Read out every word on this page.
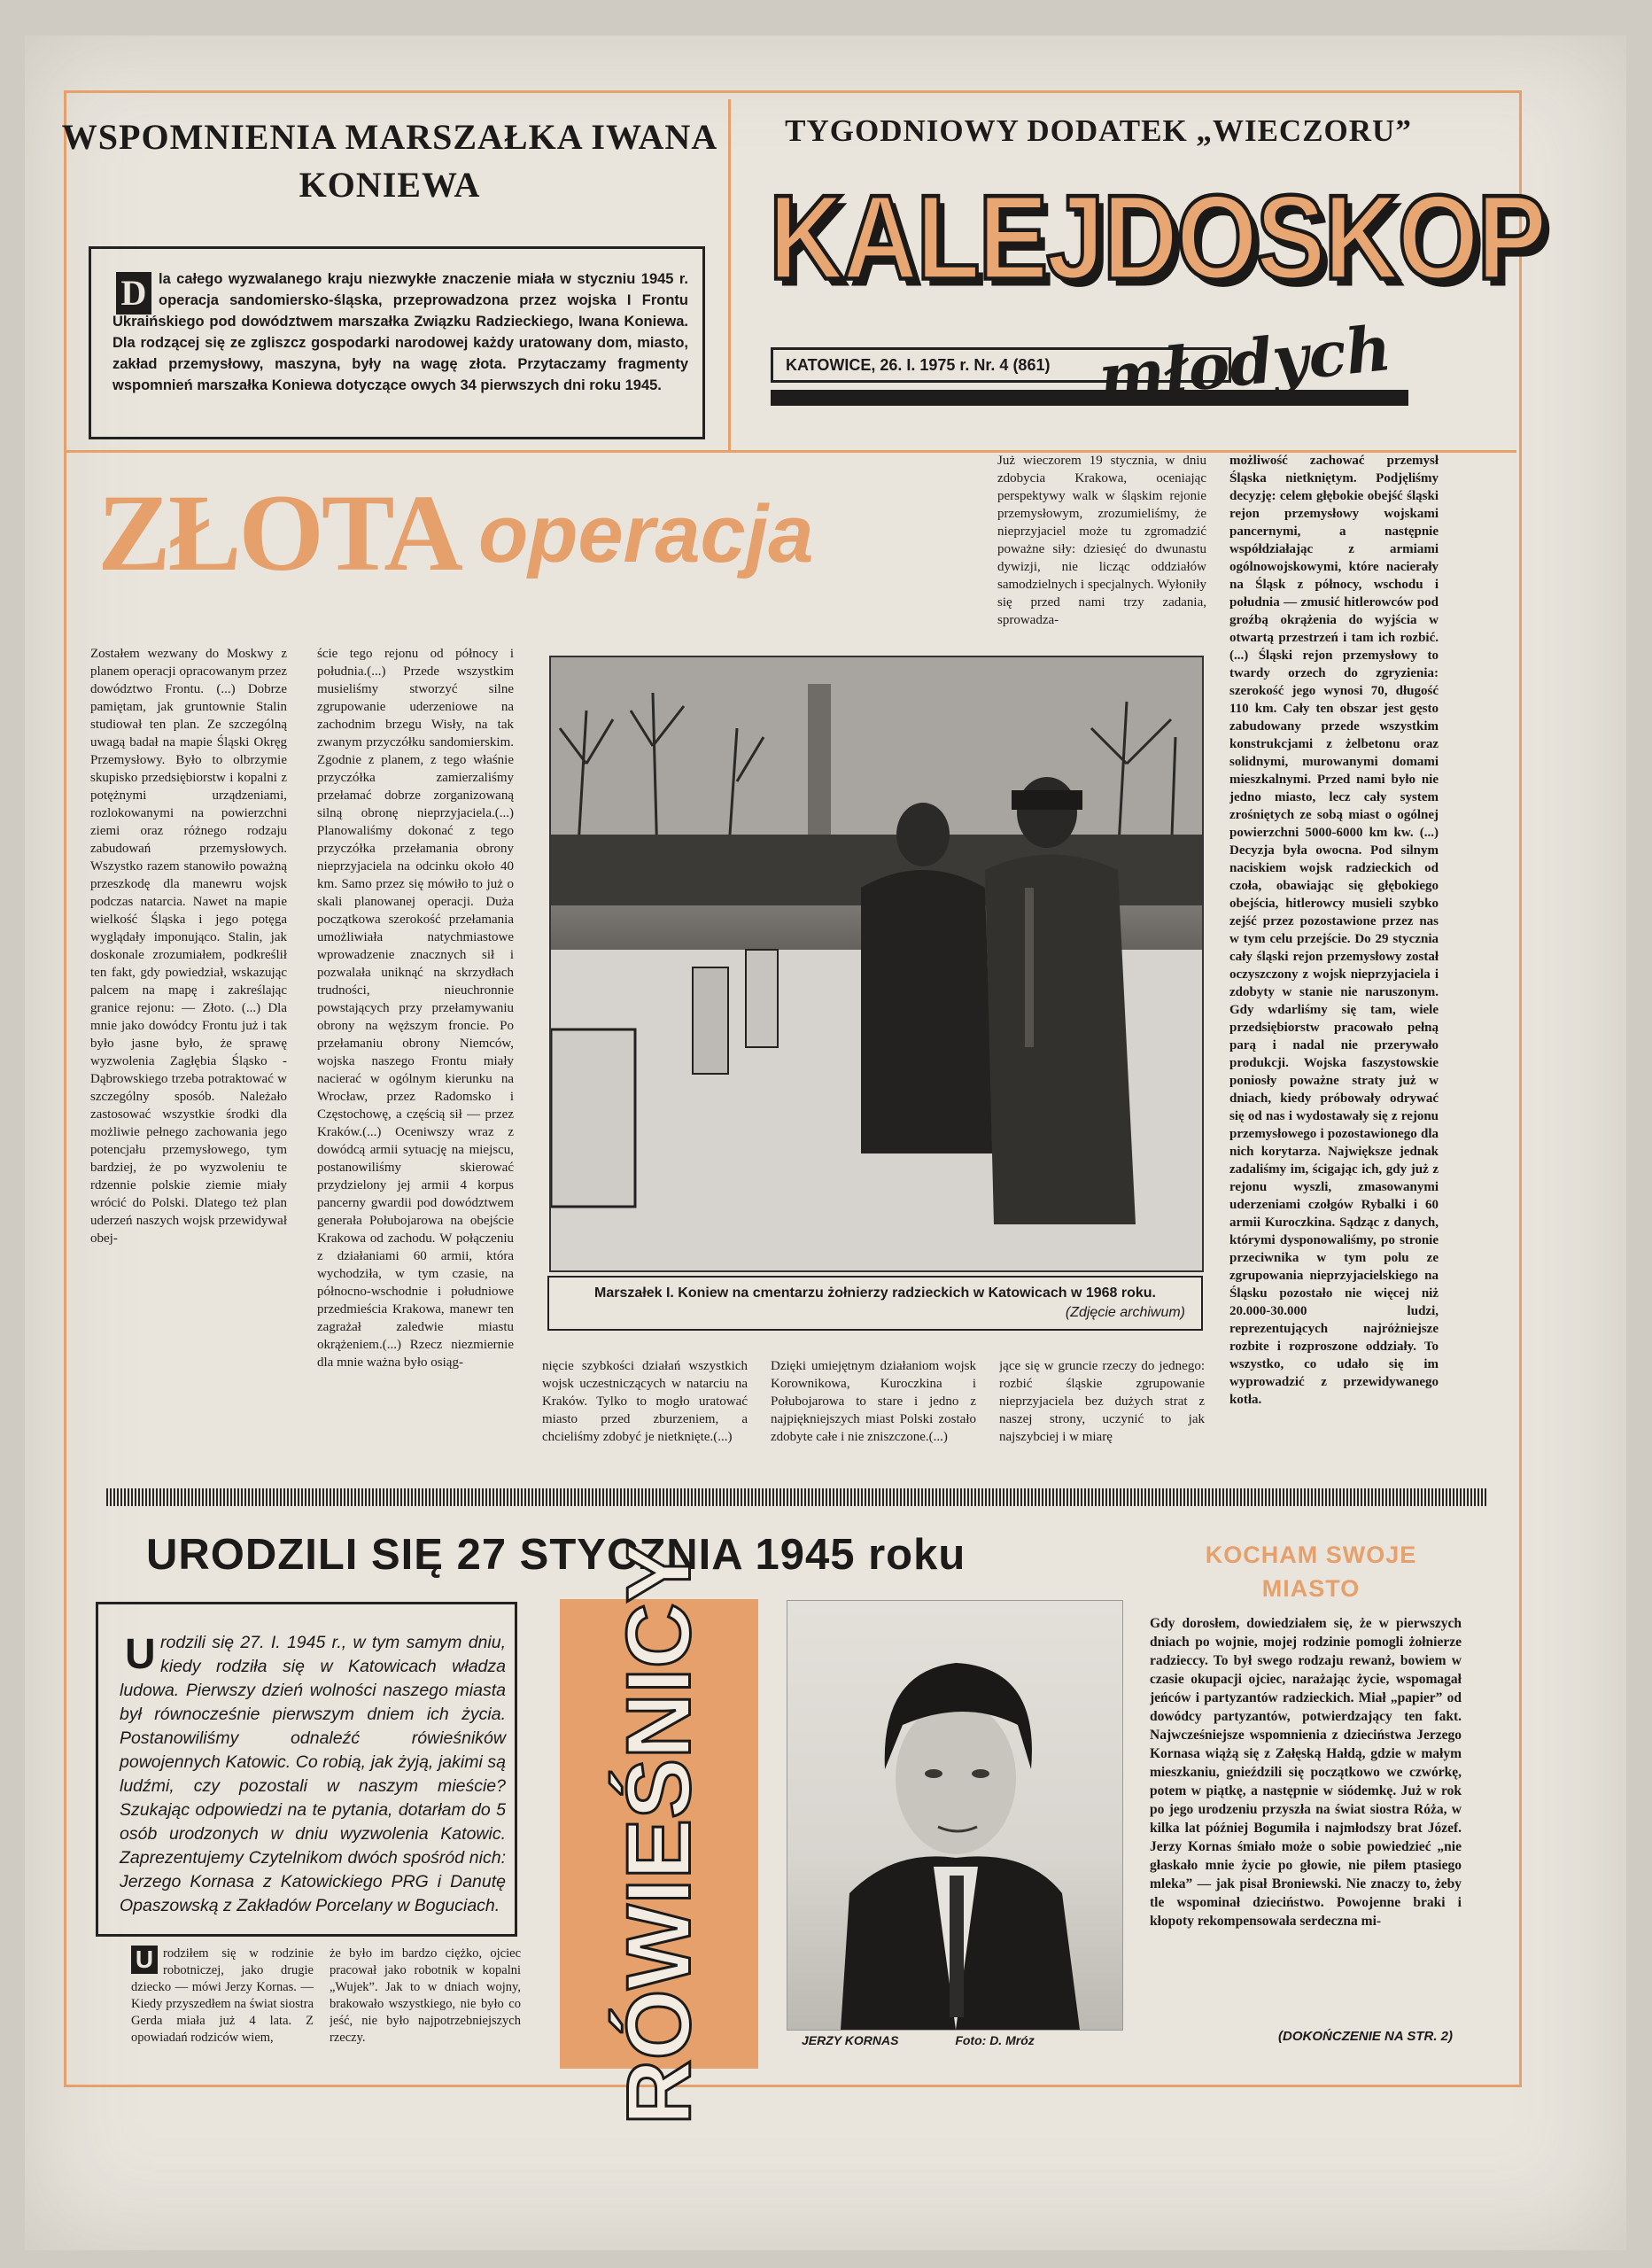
WSPOMNIENIA MARSZAŁKA IWANA KONIEWA
D la całego wyzwalanego kraju niezwykłe znaczenie miała w styczniu 1945 r. operacja sandomiersko-śląska, przeprowadzona przez wojska I Frontu Ukraińskiego pod dowództwem marszałka Związku Radzieckiego, Iwana Koniewa. Dla rodzącej się ze zgliszcz gospodarki narodowej każdy uratowany dom, miasto, zakład przemysłowy, maszyna, były na wagę złota. Przytaczamy fragmenty wspomnień marszałka Koniewa dotyczące owych 34 pierwszych dni roku 1945.
TYGODNIOWY DODATEK „WIECZORU”
KALEJDOSKOP
KATOWICE, 26. I. 1975 r. Nr. 4 (861) młodych
ZŁOTA operacja
Zostałem wezwany do Moskwy z planem operacji opracowanym przez dowództwo Frontu. (...) Dobrze pamiętam, jak gruntownie Stalin studiował ten plan. Ze szczególną uwagą badał na mapie Śląski Okręg Przemysłowy. Było to olbrzymie skupisko przedsiębiorstw i kopalni z potężnymi urządzeniami, rozlokowanymi na powierzchni ziemi oraz różnego rodzaju zabudowań przemysłowych. Wszystko razem stanowiło poważną przeszkodę dla manewru wojsk podczas natarcia. Nawet na mapie wielkość Śląska i jego potęga wyglądały imponująco. Stalin, jak doskonale zrozumiałem, podkreślił ten fakt, gdy powiedział, wskazując palcem na mapę i zakreślając granice rejonu: — Złoto. (...) Dla mnie jako dowódcy Frontu już i tak było jasne było, że sprawę wyzwolenia Zagłębia Śląsko - Dąbrowskiego trzeba potraktować w szczególny sposób. Należało zastosować wszystkie środki dla możliwie pełnego zachowania jego potencjału przemysłowego, tym bardziej, że po wyzwoleniu te rdzennie polskie ziemie miały wrócić do Polski. Dlatego też plan uderzeń naszych wojsk przewidywał obej-
ście tego rejonu od północy i południa.(...) Przede wszystkim musieliśmy stworzyć silne zgrupowanie uderzeniowe na zachodnim brzegu Wisły, na tak zwanym przyczółku sandomierskim. Zgodnie z planem, z tego właśnie przyczółka zamierzaliśmy przełamać dobrze zorganizowaną silną obronę nieprzyjaciela.(...) Planowaliśmy dokonać z tego przyczółka przełamania obrony nieprzyjaciela na odcinku około 40 km. Samo przez się mówiło to już o skali planowanej operacji. Duża początkowa szerokość przełamania umożliwiała natychmiastowe wprowadzenie znacznych sił i pozwalała uniknąć na skrzydłach trudności, nieuchronnie powstających przy przełamywaniu obrony na węższym froncie. Po przełamaniu obrony Niemców, wojska naszego Frontu miały nacierać w ogólnym kierunku na Wrocław, przez Radomsko i Częstochowę, a częścią sił — przez Kraków.(...) Oceniwszy wraz z dowódcą armii sytuację na miejscu, postanowiliśmy skierować przydzielony jej armii 4 korpus pancerny gwardii pod dowództwem generała Połubojarowa na obejście Krakowa od zachodu. W połączeniu z działaniami 60 armii, która wychodziła, w tym czasie, na północno-wschodnie i południowe przedmieścia Krakowa, manewr ten zagrażał zaledwie miastu okrążeniem.(...) Rzecz niezmiernie dla mnie ważna było osiąg-
Już wieczorem 19 stycznia, w dniu zdobycia Krakowa, oceniając perspektywy walk w śląskim rejonie przemysłowym, zrozumieliśmy, że nieprzyjaciel może tu zgromadzić poważne siły: dziesięć do dwunastu dywizji, nie licząc oddziałów samodzielnych i specjalnych. Wyłoniły się przed nami trzy zadania, sprowadza-
możliwość zachować przemysł Śląska nietkniętym. Podjęliśmy decyzję: celem głębokie obejść śląski rejon przemysłowy wojskami pancernymi, a następnie współdziałając z armiami ogólnowojskowymi, które nacierały na Śląsk z północy, wschodu i południa — zmusić hitlerowców pod groźbą okrążenia do wyjścia w otwartą przestrzeń i tam ich rozbić.(...) Śląski rejon przemysłowy to twardy orzech do zgryzienia: szerokość jego wynosi 70, długość 110 km. Cały ten obszar jest gęsto zabudowany przede wszystkim konstrukcjami z żelbetonu oraz solidnymi, murowanymi domami mieszkalnymi. Przed nami było nie jedno miasto, lecz cały system zrośniętych ze sobą miast o ogólnej powierzchni 5000-6000 km kw. (...) Decyzja była owocna. Pod silnym naciskiem wojsk radzieckich od czoła, obawiając się głębokiego obejścia, hitlerowcy musieli szybko zejść przez pozostawione przez nas w tym celu przejście. Do 29 stycznia cały śląski rejon przemysłowy został oczyszczony z wojsk nieprzyjaciela i zdobyty w stanie nie naruszonym. Gdy wdarliśmy się tam, wiele przedsiębiorstw pracowało pełną parą i nadal nie przerywało produkcji. Wojska faszystowskie poniosły poważne straty już w dniach, kiedy próbowały odrywać się od nas i wydostawały się z rejonu przemysłowego i pozostawionego dla nich korytarza. Największe jednak zadaliśmy im, ścigając ich, gdy już z rejonu wyszli, zmasowanymi uderzeniami czołgów Rybalki i 60 armii Kuroczkina. Sądząc z danych, którymi dysponowaliśmy, po stronie przeciwnika w tym polu ze zgrupowania nieprzyjacielskiego na Śląsku pozostało nie więcej niż 20.000-30.000 ludzi, reprezentujących najróżniejsze rozbite i rozproszone oddziały. To wszystko, co udało się im wyprowadzić z przewidywanego kotła.
Marszałek I. Koniew na cmentarzu żołnierzy radzieckich w Katowicach w 1968 roku.
(Zdjęcie archiwum)
nięcie szybkości działań wszystkich wojsk uczestniczących w natarciu na Kraków. Tylko to mogło uratować miasto przed zburzeniem, a chcieliśmy zdobyć je nietknięte.(...)
Dzięki umiejętnym działaniom wojsk Korownikowa, Kuroczkina i Połubojarowa to stare i jedno z najpiękniejszych miast Polski zostało zdobyte całe i nie zniszczone.(...)
jące się w gruncie rzeczy do jednego: rozbić śląskie zgrupowanie nieprzyjaciela bez dużych strat z naszej strony, uczynić to jak najszybciej i w miarę
URODZILI SIĘ 27 STYCZNIA 1945 roku
U rodzili się 27. I. 1945 r., w tym samym dniu, kiedy rodziła się w Katowicach władza ludowa. Pierwszy dzień wolności naszego miasta był równocześnie pierwszym dniem ich życia. Postanowiliśmy odnaleźć rówieśników powojennych Katowic. Co robią, jak żyją, jakimi są ludźmi, czy pozostali w naszym mieście? Szukając odpowiedzi na te pytania, dotarłam do 5 osób urodzonych w dniu wyzwolenia Katowic. Zaprezentujemy Czytelnikom dwóch spośród nich: Jerzego Kornasa z Katowickiego PRG i Danutę Opaszowską z Zakładów Porcelany w Boguciach.
U rodziłem się w rodzinie robotniczej, jako drugie dziecko — mówi Jerzy Kornas. — Kiedy przyszedłem na świat siostra Gerda miała już 4 lata. Z opowiadań rodziców wiem,
że było im bardzo ciężko, ojciec pracował jako robotnik w kopalni „Wujek”. Jak to w dniach wojny, brakowało wszystkiego, nie było co jeść, nie było najpotrzebniejszych rzeczy.	RÓWIEŚNICY	JERZY KORNAS	Foto: D. Mróz
KOCHAM SWOJE MIASTO
Gdy dorosłem, dowiedziałem się, że w pierwszych dniach po wojnie, mojej rodzinie pomogli żołnierze radzieccy. To był swego rodzaju rewanż, bowiem w czasie okupacji ojciec, narażając życie, wspomagał jeńców i partyzantów radzieckich. Miał „papier” od dowódcy partyzantów, potwierdzający ten fakt. Najwcześniejsze wspomnienia z dzieciństwa Jerzego Kornasa wiążą się z Załęską Hałdą, gdzie w małym mieszkaniu, gnieździli się początkowo we czwórkę, potem w piątkę, a następnie w siódemkę. Już w rok po jego urodzeniu przyszła na świat siostra Róża, w kilka lat później Bogumiła i najmłodszy brat Józef. Jerzy Kornas śmiało może o sobie powiedzieć „nie głaskało mnie życie po głowie, nie piłem ptasiego mleka” — jak pisał Broniewski. Nie znaczy to, żeby tle wspominał dzieciństwo. Powojenne braki i kłopoty rekompensowała serdeczna mi-
(DOKOŃCZENIE NA STR. 2)
